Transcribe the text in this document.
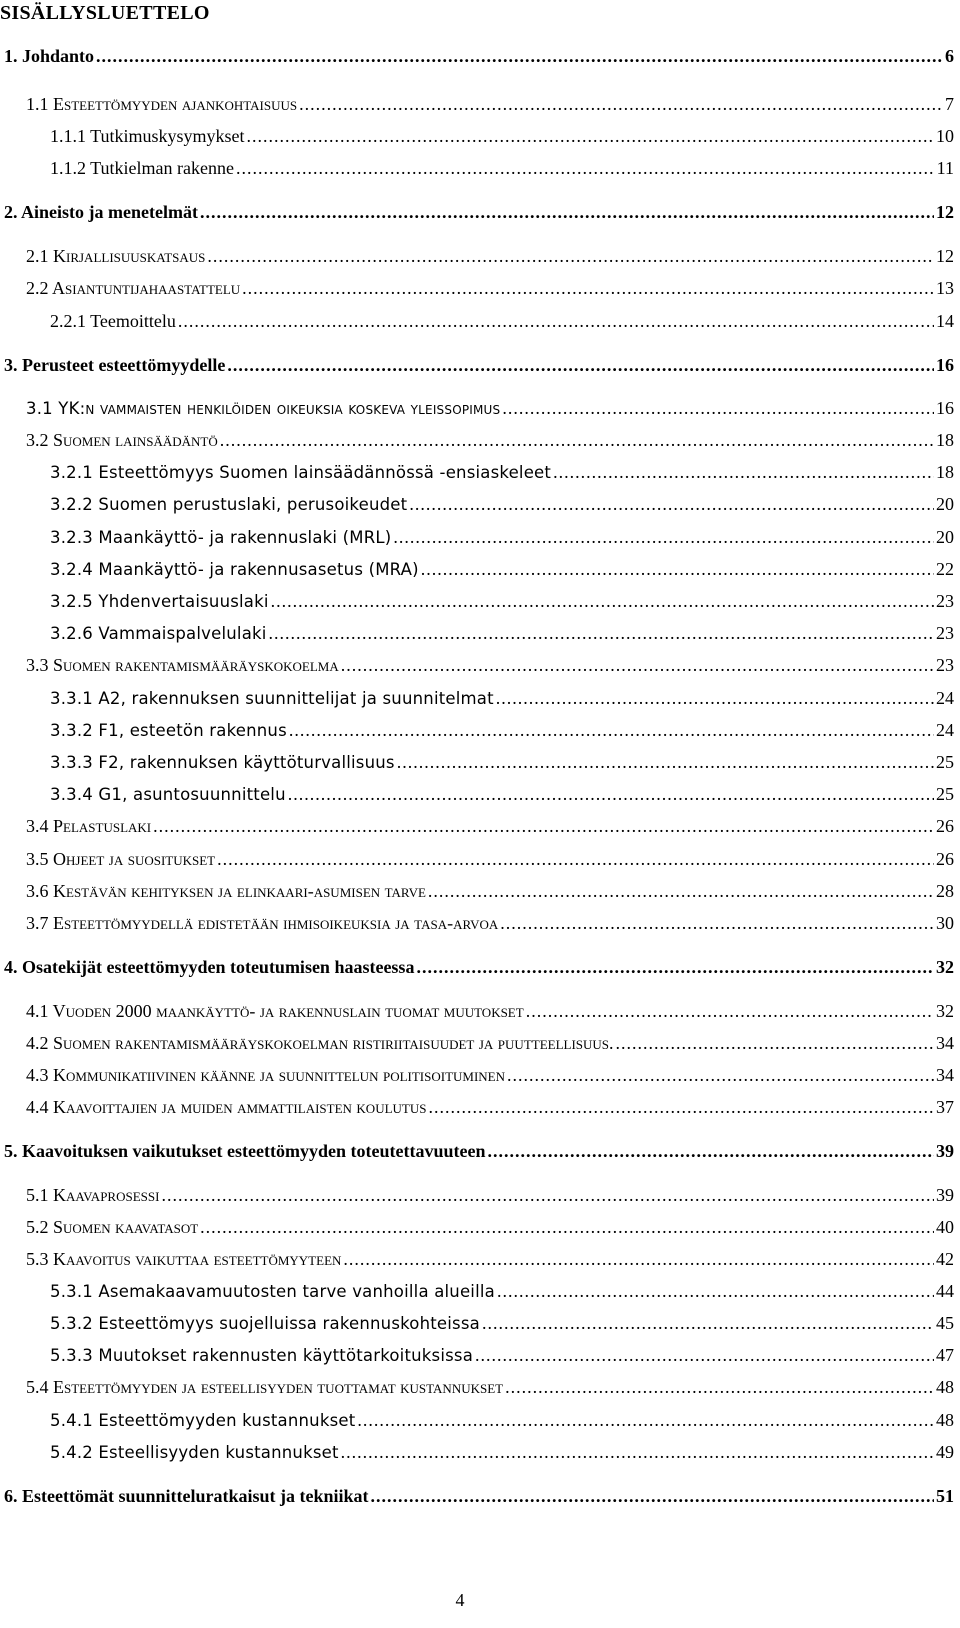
SISÄLLYSLUETTELO
1. Johdanto .....	6
1.1 Esteettömyyden ajankohtaisuus .....	7
1.1.1 Tutkimuskysymykset .....	10
1.1.2 Tutkielman rakenne .....	11
2. Aineisto ja menetelmät .....	12
2.1 Kirjallisuuskatsaus .....	12
2.2 Asiantuntijahaastattelu .....	13
2.2.1 Teemoittelu .....	14
3. Perusteet esteettömyydelle .....	16
3.1 YK:n vammaisten henkilöiden oikeuksia koskeva yleissopimus .....	16
3.2 Suomen lainsäädäntö .....	18
3.2.1 Esteettömyys Suomen lainsäädännössä -ensiaskeleet .....	18
3.2.2 Suomen perustuslaki, perusoikeudet .....	20
3.2.3 Maankäyttö- ja rakennuslaki (MRL) .....	20
3.2.4 Maankäyttö- ja rakennusasetus (MRA) .....	22
3.2.5 Yhdenvertaisuuslaki .....	23
3.2.6 Vammaispalvelulaki .....	23
3.3 Suomen rakentamismääräyskokoelma .....	23
3.3.1 A2, rakennuksen suunnittelijat ja suunnitelmat .....	24
3.3.2 F1, esteetön rakennus .....	24
3.3.3 F2, rakennuksen käyttöturvallisuus .....	25
3.3.4 G1, asuntosuunnittelu .....	25
3.4 Pelastuslaki .....	26
3.5 Ohjeet ja suositukset .....	26
3.6 Kestävän kehityksen ja elinkaari-asumisen tarve .....	28
3.7 Esteettömyydellä edistetään ihmisoikeuksia ja tasa-arvoa .....	30
4. Osatekijät esteettömyyden toteutumisen haasteessa .....	32
4.1 Vuoden 2000 maankäyttö- ja rakennuslain tuomat muutokset .....	32
4.2 Suomen rakentamismääräyskokoelman ristiriitaisuudet ja puutteellisuus. .....	34
4.3 Kommunikatiivinen käänne ja suunnittelun politisoituminen .....	34
4.4 Kaavoittajien ja muiden ammattilaisten koulutus .....	37
5. Kaavoituksen vaikutukset esteettömyyden toteutettavuuteen .....	39
5.1 Kaavaprosessi .....	39
5.2 Suomen kaavatasot .....	40
5.3 Kaavoitus vaikuttaa esteettömyyteen .....	42
5.3.1 Asemakaavamuutosten tarve vanhoilla alueilla .....	44
5.3.2 Esteettömyys suojelluissa rakennuskohteissa .....	45
5.3.3 Muutokset rakennusten käyttötarkoituksissa .....	47
5.4 Esteettömyyden ja esteellisyyden tuottamat kustannukset .....	48
5.4.1 Esteettömyyden kustannukset .....	48
5.4.2 Esteellisyyden kustannukset .....	49
6. Esteettömät suunnitteluratkaisut ja tekniikat .....	51
4
